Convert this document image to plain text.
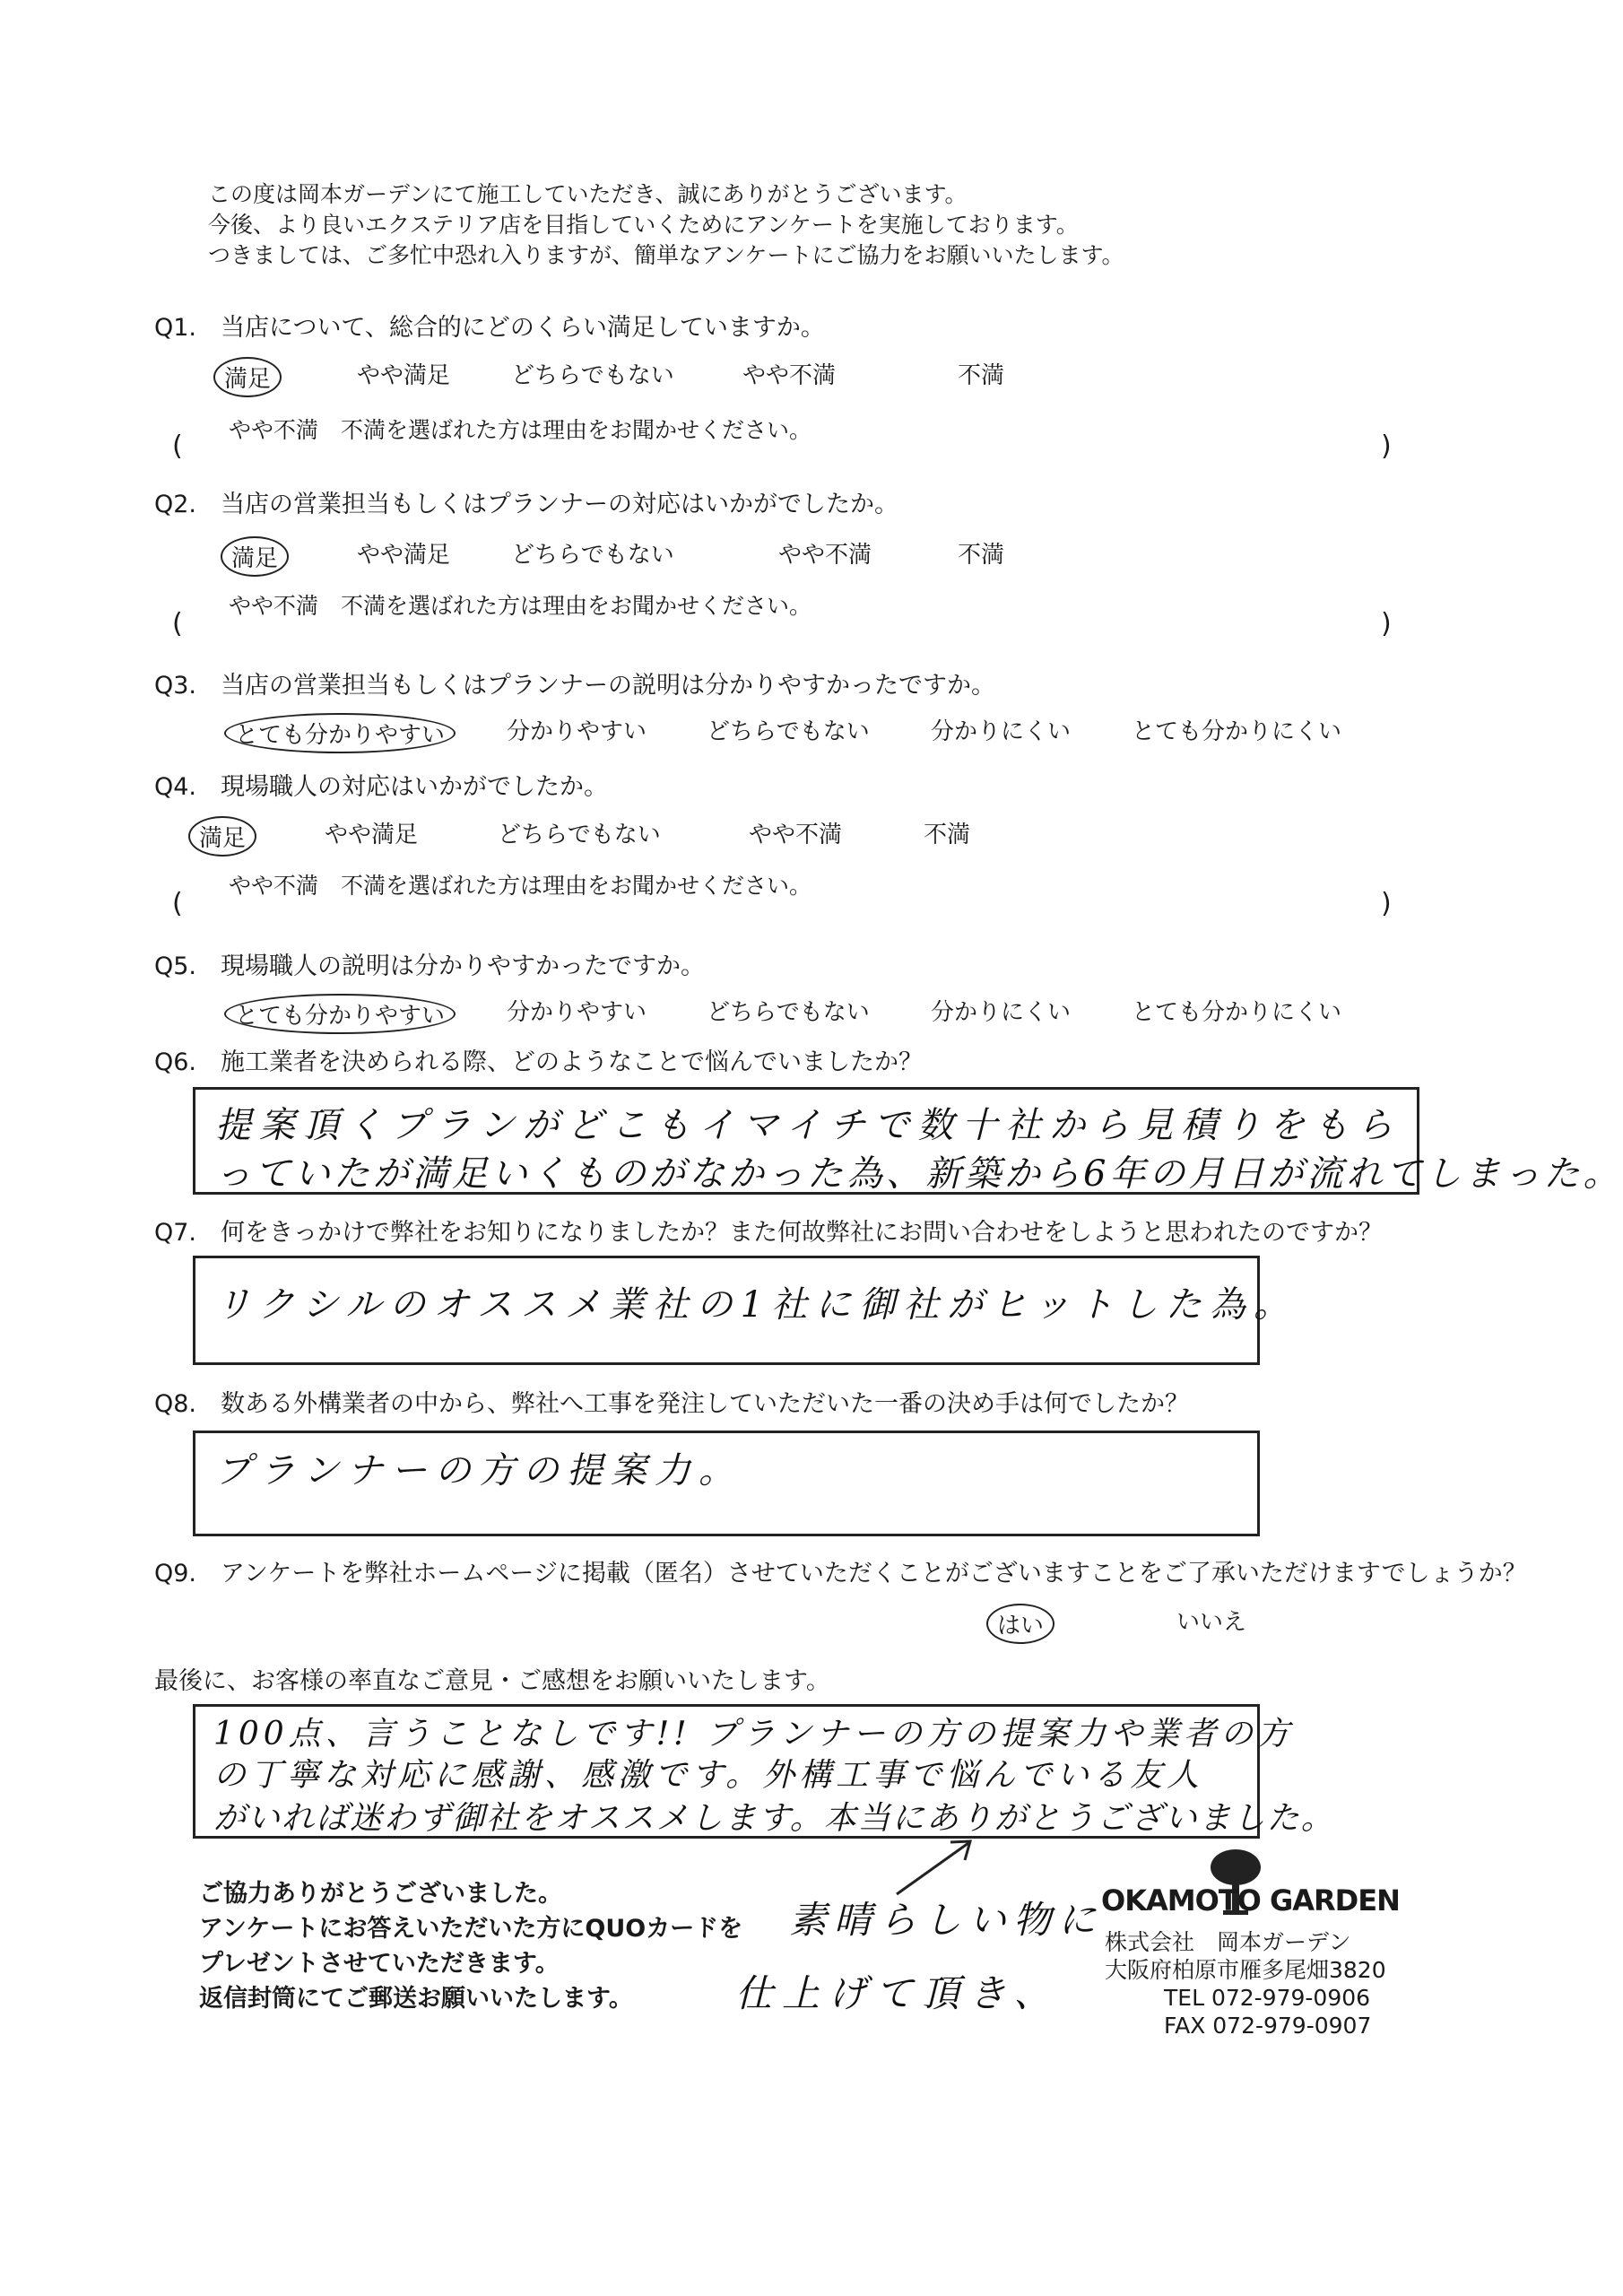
この度は岡本ガーデンにて施工していただき、誠にありがとうございます。
今後、より良いエクステリア店を目指していくためにアンケートを実施しております。
つきましては、ご多忙中恐れ入りますが、簡単なアンケートにご協力をお願いいたします。
Q1. 当店について、総合的にどのくらい満足していますか。
満足	やや満足	どちらでもない	やや不満	不満
やや不満　不満を選ばれた方は理由をお聞かせください。
(	)
Q2. 当店の営業担当もしくはプランナーの対応はいかがでしたか。
満足	やや満足	どちらでもない	やや不満	不満
やや不満　不満を選ばれた方は理由をお聞かせください。
(	)
Q3. 当店の営業担当もしくはプランナーの説明は分かりやすかったですか。
とても分かりやすい	分かりやすい	どちらでもない	分かりにくい	とても分かりにくい
Q4. 現場職人の対応はいかがでしたか。
満足	やや満足	どちらでもない	やや不満	不満
やや不満　不満を選ばれた方は理由をお聞かせください。
(	)
Q5. 現場職人の説明は分かりやすかったですか。
とても分かりやすい	分かりやすい	どちらでもない	分かりにくい	とても分かりにくい
Q6. 施工業者を決められる際、どのようなことで悩んでいましたか？
提案頂くプランがどこもイマイチで数十社から見積りをもら
っていたが満足いくものがなかった為、新築から6年の月日が流れてしまった。
Q7. 何をきっかけで弊社をお知りになりましたか？また何故弊社にお問い合わせをしようと思われたのですか？
リクシルのオススメ業社の1社に御社がヒットした為。
Q8. 数ある外構業者の中から、弊社へ工事を発注していただいた一番の決め手は何でしたか？
プランナーの方の提案力。
Q9. アンケートを弊社ホームページに掲載（匿名）させていただくことがございますことをご了承いただけますでしょうか？
はい	いいえ
最後に、お客様の率直なご意見・ご感想をお願いいたします。
100点、言うことなしです!! プランナーの方の提案力や業者の方
の丁寧な対応に感謝、感激です。外構工事で悩んでいる友人
がいれば迷わず御社をオススメします。本当にありがとうございました。
素晴らしい物に
仕上げて頂き、
ご協力ありがとうございました。
アンケートにお答えいただいた方にQUOカードを
プレゼントさせていただきます。
返信封筒にてご郵送お願いいたします。
OKAMOTO GARDEN
株式会社　岡本ガーデン
大阪府柏原市雁多尾畑3820
TEL 072-979-0906
FAX 072-979-0907
